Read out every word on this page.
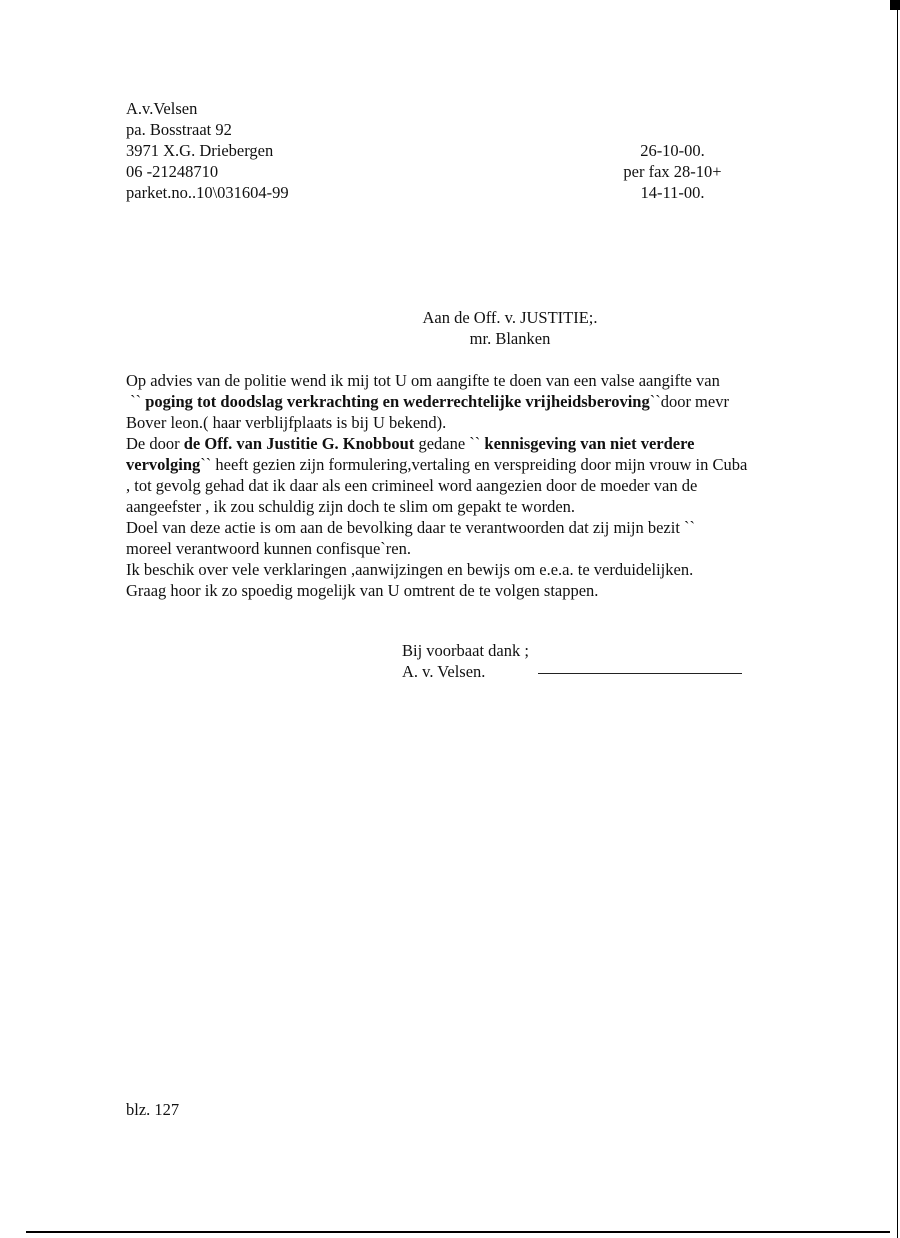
A.v.Velsen
pa. Bosstraat 92
3971 X.G. Driebergen
06 -21248710
parket.no..10\031604-99
26-10-00.
per fax 28-10+
14-11-00.
Aan de Off. v. JUSTITIE;.
mr. Blanken

Op advies van de politie wend ik mij tot U om aangifte te doen van een valse aangifte van

`` poging tot doodslag verkrachting en wederrechtelijke vrijheidsberoving``door mevr

Bover leon.( haar verblijfplaats is bij U bekend).

De door de Off. van Justitie G. Knobbout gedane `` kennisgeving van niet verdere

vervolging`` heeft gezien zijn formulering,vertaling en verspreiding door mijn vrouw in Cuba

, tot gevolg gehad dat ik daar als een crimineel word aangezien door de moeder van de

aangeefster , ik zou schuldig zijn doch te slim om gepakt te worden.

Doel van deze actie is om aan de bevolking daar te verantwoorden dat zij mijn bezit ``

moreel verantwoord kunnen confisque`ren.

Ik beschik over vele verklaringen ,aanwijzingen en bewijs om e.e.a. te verduidelijken.

Graag hoor ik zo spoedig mogelijk van U omtrent de te volgen stappen.

Bij voorbaat dank ;
A. v. Velsen.
blz. 127
